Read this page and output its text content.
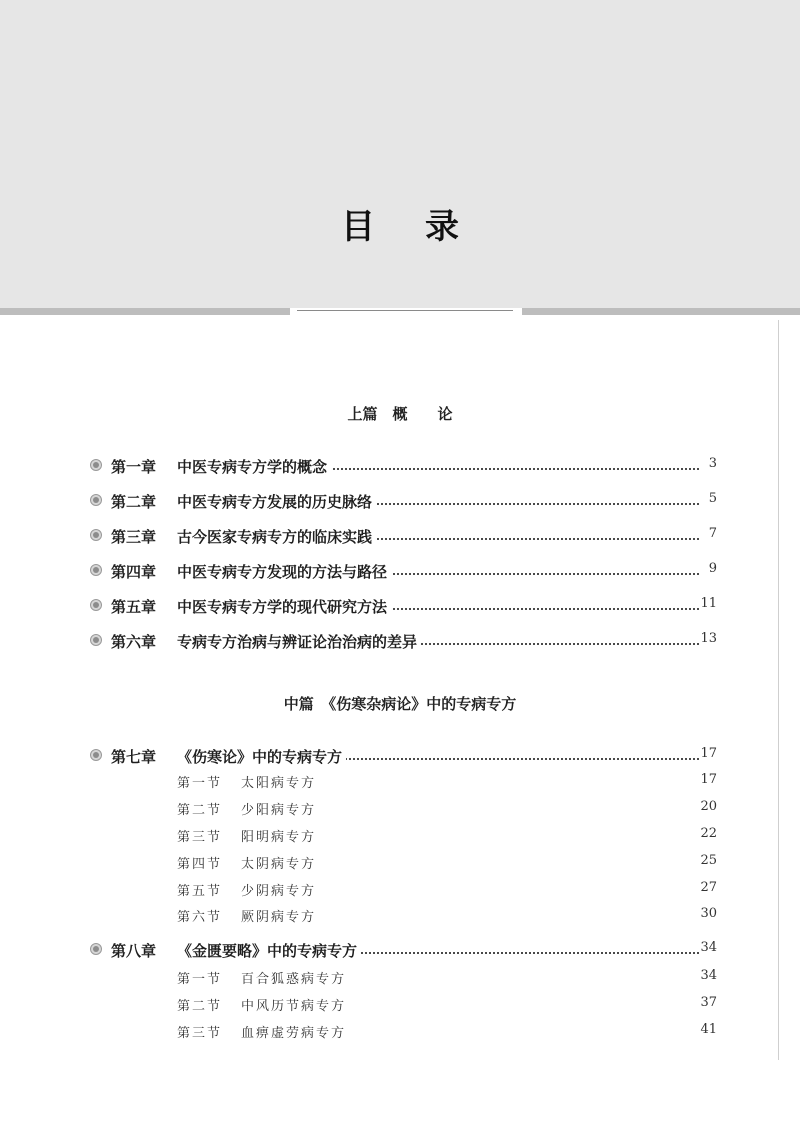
目录
上篇　概　　论
第一章 中医专病专方学的概念	3
第二章 中医专病专方发展的历史脉络	5
第三章 古今医家专病专方的临床实践	7
第四章 中医专病专方发现的方法与路径	9
第五章 中医专病专方学的现代研究方法	11
第六章 专病专方治病与辨证论治治病的差异	13
中篇　《伤寒杂病论》中的专病专方
第七章 《伤寒论》中的专病专方	17
第一节 太阳病专方	17
第二节 少阳病专方	20
第三节 阳明病专方	22
第四节 太阴病专方	25
第五节 少阴病专方	27
第六节 厥阴病专方	30
第八章 《金匮要略》中的专病专方	34
第一节 百合狐惑病专方	34
第二节 中风历节病专方	37
第三节 血痹虚劳病专方	41
